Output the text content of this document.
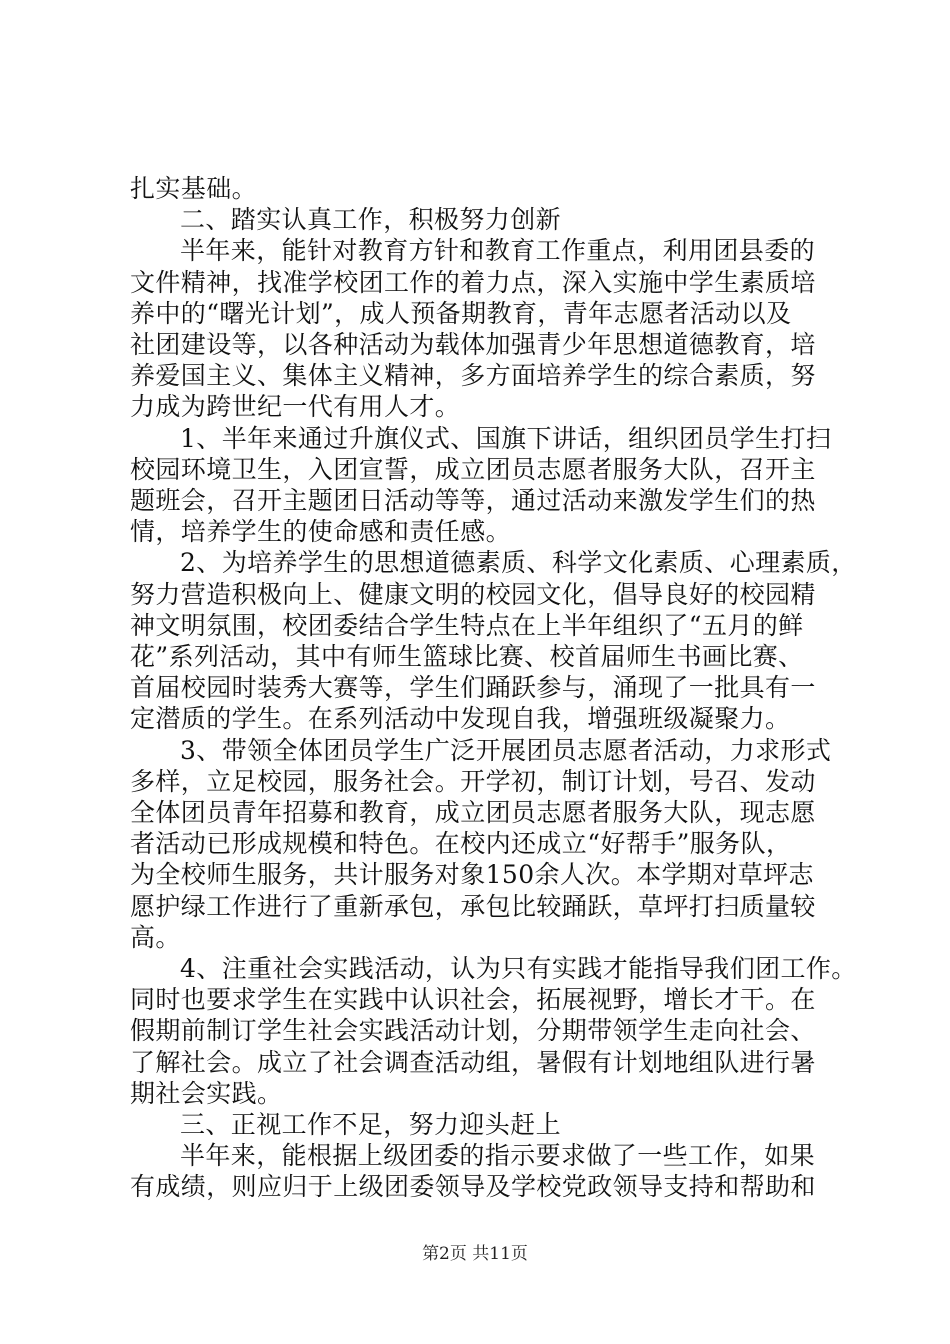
扎实基础。
二、踏实认真工作，积极努力创新
半年来，能针对教育方针和教育工作重点，利用团县委的
文件精神，找准学校团工作的着力点，深入实施中学生素质培
养中的“曙光计划”，成人预备期教育，青年志愿者活动以及
社团建设等，以各种活动为载体加强青少年思想道德教育，培
养爱国主义、集体主义精神，多方面培养学生的综合素质，努
力成为跨世纪一代有用人才。
1、半年来通过升旗仪式、国旗下讲话，组织团员学生打扫
校园环境卫生，入团宣誓，成立团员志愿者服务大队，召开主
题班会，召开主题团日活动等等，通过活动来激发学生们的热
情，培养学生的使命感和责任感。
2、为培养学生的思想道德素质、科学文化素质、心理素质，
努力营造积极向上、健康文明的校园文化，倡导良好的校园精
神文明氛围，校团委结合学生特点在上半年组织了“五月的鲜
花”系列活动，其中有师生篮球比赛、校首届师生书画比赛、
首届校园时装秀大赛等，学生们踊跃参与，涌现了一批具有一
定潜质的学生。在系列活动中发现自我，增强班级凝聚力。
3、带领全体团员学生广泛开展团员志愿者活动，力求形式
多样，立足校园，服务社会。开学初，制订计划，号召、发动
全体团员青年招募和教育，成立团员志愿者服务大队，现志愿
者活动已形成规模和特色。在校内还成立“好帮手”服务队，
为全校师生服务，共计服务对象150余人次。本学期对草坪志
愿护绿工作进行了重新承包，承包比较踊跃，草坪打扫质量较
高。
4、注重社会实践活动，认为只有实践才能指导我们团工作。
同时也要求学生在实践中认识社会，拓展视野，增长才干。在
假期前制订学生社会实践活动计划，分期带领学生走向社会、
了解社会。成立了社会调查活动组，暑假有计划地组队进行暑
期社会实践。
三、正视工作不足，努力迎头赶上
半年来，能根据上级团委的指示要求做了一些工作，如果
有成绩，则应归于上级团委领导及学校党政领导支持和帮助和
第2页 共11页
